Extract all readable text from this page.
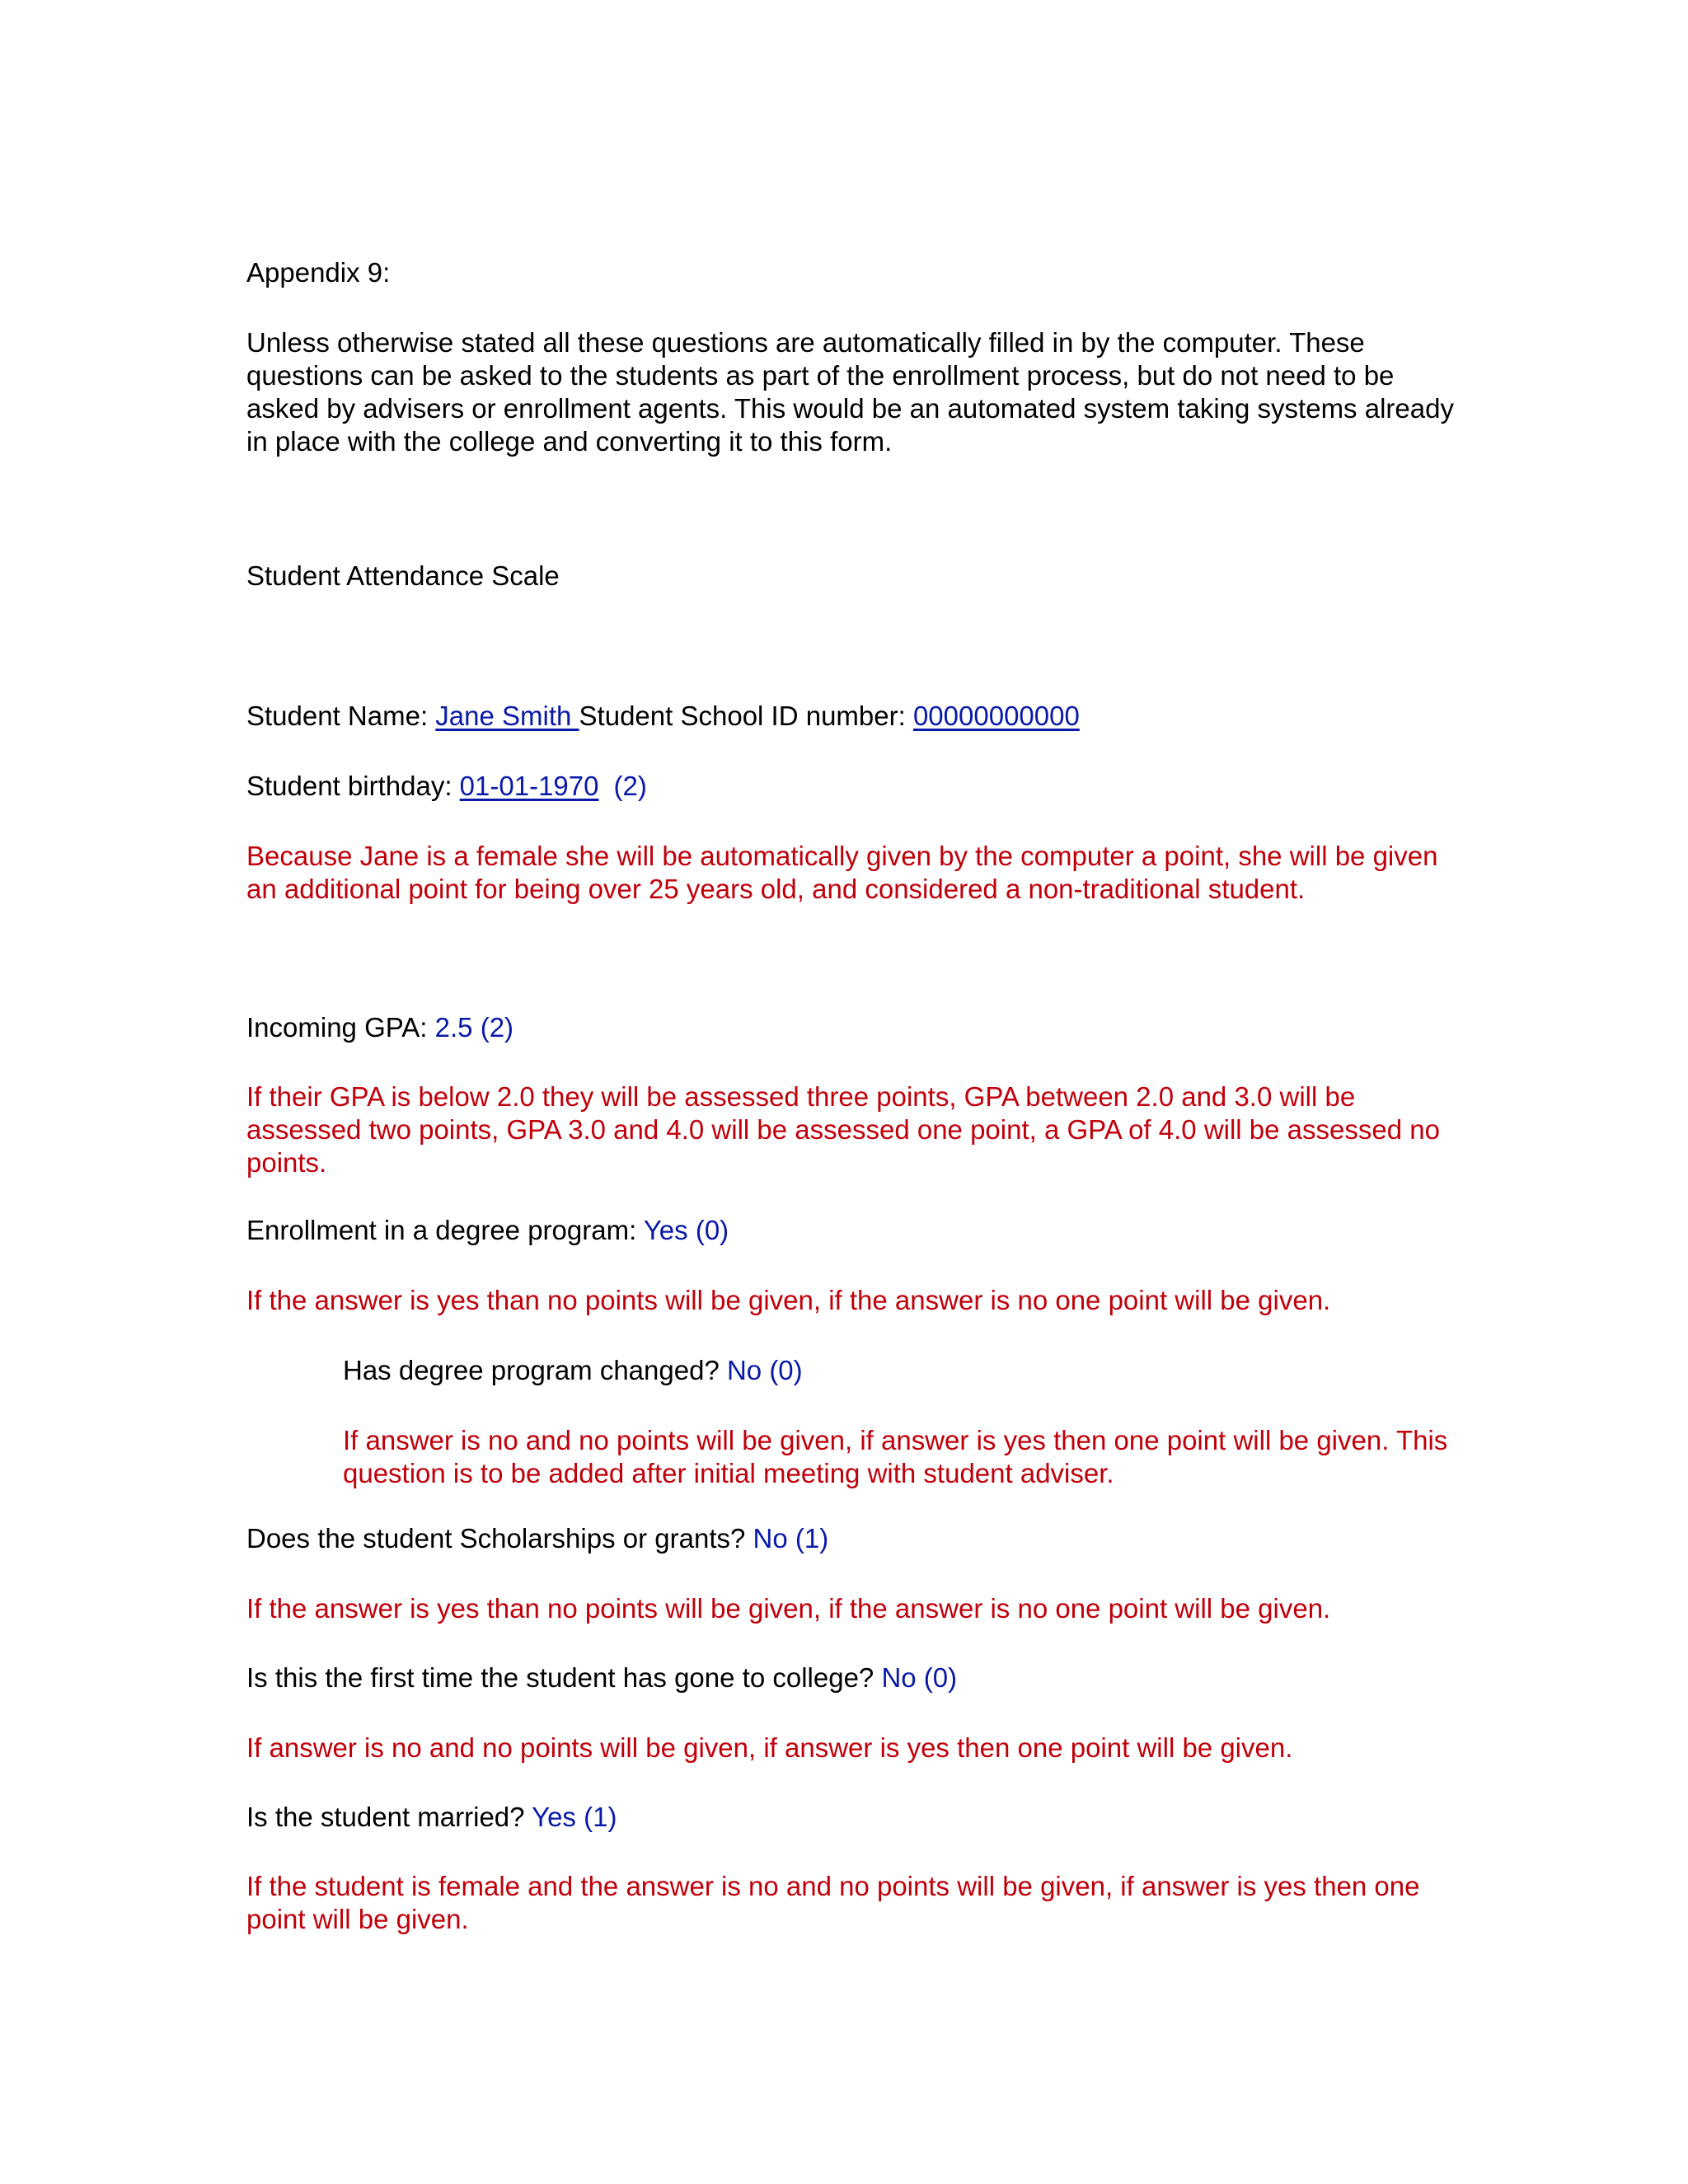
Appendix 9:

Unless otherwise stated all these questions are automatically filled in by the computer. These
questions can be asked to the students as part of the enrollment process, but do not need to be
asked by advisers or enrollment agents. This would be an automated system taking systems already
in place with the college and converting it to this form.

Student Attendance Scale

Student Name: Jane Smith Student School ID number: 00000000000

Student birthday: 01-01-1970 (2)

Because Jane is a female she will be automatically given by the computer a point, she will be given
an additional point for being over 25 years old, and considered a non-traditional student.

Incoming GPA: 2.5 (2)

If their GPA is below 2.0 they will be assessed three points, GPA between 2.0 and 3.0 will be
assessed two points, GPA 3.0 and 4.0 will be assessed one point, a GPA of 4.0 will be assessed no
points.

Enrollment in a degree program: Yes (0)

If the answer is yes than no points will be given, if the answer is no one point will be given.

Has degree program changed? No (0)

If answer is no and no points will be given, if answer is yes then one point will be given. This
question is to be added after initial meeting with student adviser.

Does the student Scholarships or grants? No (1)

If the answer is yes than no points will be given, if the answer is no one point will be given.

Is this the first time the student has gone to college? No (0)

If answer is no and no points will be given, if answer is yes then one point will be given.

Is the student married? Yes (1)

If the student is female and the answer is no and no points will be given, if answer is yes then one
point will be given.
